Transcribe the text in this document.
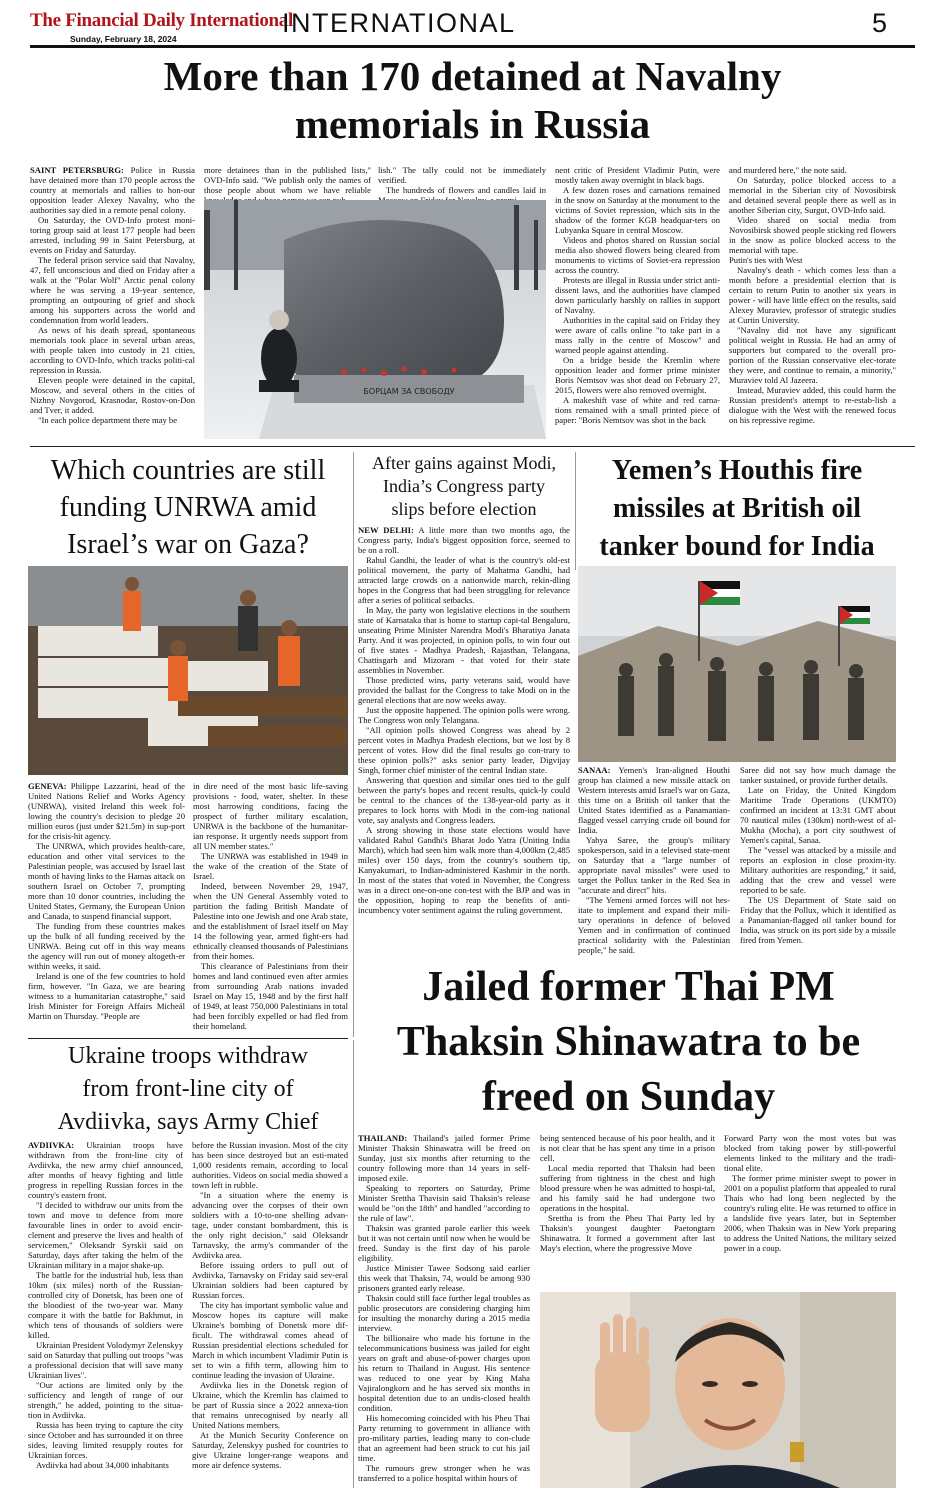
The Financial Daily International
Sunday, February 18, 2024
INTERNATIONAL	5
More than 170 detained at Navalny
memorials in Russia

SAINT PETERSBURG: Police in Russia have detained more than 170 people across the country at memorials and rallies to hon-our opposition leader Alexey Navalny, who the authorities say died in a remote penal colony.

On Saturday, the OVD-Info protest moni-toring group said at least 177 people had been arrested, including 99 in Saint Petersburg, at events on Friday and Saturday.

The federal prison service said that Navalny, 47, fell unconscious and died on Friday after a walk at the "Polar Wolf" Arctic penal colony where he was serving a 19-year sentence, prompting an outpouring of grief and shock among his supporters across the world and condemnation from world leaders.

As news of his death spread, spontaneous memorials took place in several urban areas, with people taken into custody in 21 cities, according to OVD-Info, which tracks politi-cal repression in Russia.

Eleven people were detained in the capital, Moscow, and several others in the cities of Nizhny Novgorod, Krasnodar, Rostov-on-Don and Tver, it added.

"In each police department there may be

more detainees than in the published lists," OVD-Info said. "We publish only the names of those people about whom we have reliable

lish." The tally could not be immediately verified.

The hundreds of flowers and candles laid in

БОРЦАМ ЗА СВОБОДУ

nent critic of President Vladimir Putin, were mostly taken away overnight in black bags.

A few dozen roses and carnations remained in the snow on Saturday at the monument to the victims of Soviet repression, which sits in the shadow of the former KGB headquar-ters on Lubyanka Square in central Moscow.

Videos and photos shared on Russian social media also showed flowers being cleared from monuments to victims of Soviet-era repression across the country.

Protests are illegal in Russia under strict anti-dissent laws, and the authorities have clamped down particularly harshly on rallies in support of Navalny.

Authorities in the capital said on Friday they were aware of calls online "to take part in a mass rally in the centre of Moscow" and warned people against attending.

On a bridge beside the Kremlin where opposition leader and former prime minister Boris Nemtsov was shot dead on February 27, 2015, flowers were also removed overnight.

A makeshift vase of white and red carna-tions remained with a small printed piece of paper: "Boris Nemtsov was shot in the back

and murdered here," the note said.

On Saturday, police blocked access to a memorial in the Siberian city of Novosibirsk and detained several people there as well as in another Siberian city, Surgut, OVD-Info said.

Video shared on social media from Novosibirsk showed people sticking red flowers in the snow as police blocked access to the memorial with tape.

Putin's ties with West

Navalny's death - which comes less than a month before a presidential election that is certain to return Putin to another six years in power - will have little effect on the results, said Alexey Muraviev, professor of strategic studies at Curtin University.

"Navalny did not have any significant political weight in Russia. He had an army of supporters but compared to the overall pro-portion of the Russian conservative elec-torate they were, and continue to remain, a minority," Muraviev told Al Jazeera.

Instead, Muraviev added, this could harm the Russian president's attempt to re-estab-lish a dialogue with the West with the renewed focus on his repressive regime.

Which countries are still
funding UNRWA amid
Israel’s war on Gaza?

GENEVA: Philippe Lazzarini, head of the United Nations Relief and Works Agency (UNRWA), visited Ireland this week fol-lowing the country's decision to pledge 20 million euros (just under $21.5m) in sup-port for the crisis-hit agency.

The UNRWA, which provides health-care, education and other vital services to the Palestinian people, was accused by Israel last month of having links to the Hamas attack on southern Israel on October 7, prompting more than 10 donor countries, including the United States, Germany, the European Union and Canada, to suspend financial support.

The funding from these countries makes up the bulk of all funding received by the UNRWA. Being cut off in this way means the agency will run out of money altogeth-er within weeks, it said.

Ireland is one of the few countries to hold firm, however. "In Gaza, we are bearing witness to a humanitarian catastrophe," said Irish Minister for Foreign Affairs Micheál Martin on Thursday. "People are

in dire need of the most basic life-saving provisions - food, water, shelter. In these most harrowing conditions, facing the prospect of further military escalation, UNRWA is the backbone of the humanitar-ian response. It urgently needs support from all UN member states."

The UNRWA was established in 1949 in the wake of the creation of the State of Israel.

Indeed, between November 29, 1947, when the UN General Assembly voted to partition the fading British Mandate of Palestine into one Jewish and one Arab state, and the establishment of Israel itself on May 14 the following year, armed fight-ers had ethnically cleansed thousands of Palestinians from their homes.

This clearance of Palestinians from their homes and land continued even after armies from surrounding Arab nations invaded Israel on May 15, 1948 and by the first half of 1949, at least 750,000 Palestinians in total had been forcibly expelled or had fled from their homeland.

After gains against Modi,
India’s Congress party
slips before election

NEW DELHI: A little more than two months ago, the Congress party, India's biggest opposition force, seemed to be on a roll.

Rahul Gandhi, the leader of what is the country's old-est political movement, the party of Mahatma Gandhi, had attracted large crowds on a nationwide march, rekin-dling hopes in the Congress that had been struggling for relevance after a series of political setbacks.

In May, the party won legislative elections in the southern state of Karnataka that is home to startup capi-tal Bengaluru, unseating Prime Minister Narendra Modi's Bharatiya Janata Party. And it was projected, in opinion polls, to win four out of five states - Madhya Pradesh, Rajasthan, Telangana, Chattisgarh and Mizoram - that voted for their state assemblies in November.

Those predicted wins, party veterans said, would have provided the ballast for the Congress to take Modi on in the general elections that are now weeks away.

Just the opposite happened. The opinion polls were wrong. The Congress won only Telangana.

"All opinion polls showed Congress was ahead by 2 percent votes in Madhya Pradesh elections, but we lost by 8 percent of votes. How did the final results go con-trary to these opinion polls?" asks senior party leader, Digvijay Singh, former chief minister of the central Indian state.

Answering that question and similar ones tied to the gulf between the party's hopes and recent results, quick-ly could be central to the chances of the 138-year-old party as it prepares to lock horns with Modi in the com-ing national vote, say analysts and Congress leaders.

A strong showing in those state elections would have validated Rahul Gandhi's Bharat Jodo Yatra (Uniting India March), which had seen him walk more than 4,000km (2,485 miles) over 150 days, from the country's southern tip, Kanyakumari, to Indian-administered Kashmir in the north. In most of the states that voted in November, the Congress was in a direct one-on-one con-test with the BJP and was in the opposition, hoping to reap the benefits of anti-incumbency voter sentiment against the ruling government.

Yemen’s Houthis fire
missiles at British oil
tanker bound for India

SANAA: Yemen's Iran-aligned Houthi group has claimed a new missile attack on Western interests amid Israel's war on Gaza, this time on a British oil tanker that the United States identified as a Panamanian-flagged vessel carrying crude oil bound for India.

Yahya Saree, the group's military spokesperson, said in a televised state-ment on Saturday that a "large number of appropriate naval missiles" were used to target the Pollux tanker in the Red Sea in "accurate and direct" hits.

"The Yemeni armed forces will not hes-itate to implement and expand their mili-tary operations in defence of beloved Yemen and in confirmation of continued practical solidarity with the Palestinian people," he said.

Saree did not say how much damage the tanker sustained, or provide further details.

Late on Friday, the United Kingdom Maritime Trade Operations (UKMTO) confirmed an incident at 13:31 GMT about 70 nautical miles (130km) north-west of al-Mukha (Mocha), a port city southwest of Yemen's capital, Sanaa.

The "vessel was attacked by a missile and reports an explosion in close proxim-ity. Military authorities are responding," it said, adding that the crew and vessel were reported to be safe.

The US Department of State said on Friday that the Pollux, which it identified as a Panamanian-flagged oil tanker bound for India, was struck on its port side by a missile fired from Yemen.

Jailed former Thai PM
Thaksin Shinawatra to be
freed on Sunday

THAILAND: Thailand's jailed former Prime Minister Thaksin Shinawatra will be freed on Sunday, just six months after returning to the country following more than 14 years in self-imposed exile.

Speaking to reporters on Saturday, Prime Minister Srettha Thavisin said Thaksin's release would be "on the 18th" and handled "according to the rule of law".

Thaksin was granted parole earlier this week but it was not certain until now when he would be freed. Sunday is the first day of his parole eligibility.

Justice Minister Tawee Sodsong said earlier this week that Thaksin, 74, would be among 930 prisoners granted early release.

Thaksin could still face further legal troubles as public prosecutors are considering charging him for insulting the monarchy during a 2015 media interview.

The billionaire who made his fortune in the telecommunications business was jailed for eight years on graft and abuse-of-power charges upon his return to Thailand in August. His sentence was reduced to one year by King Maha Vajiralongkorn and he has served six months in hospital detention due to an undis-closed health condition.

His homecoming coincided with his Pheu Thai Party returning to government in alliance with pro-military parties, leading many to con-clude that an agreement had been struck to cut his jail time.

The rumours grew stronger when he was transferred to a police hospital within hours of

being sentenced because of his poor health, and it is not clear that he has spent any time in a prison cell.

Local media reported that Thaksin had been suffering from tightness in the chest and high blood pressure when he was admitted to hospi-tal, and his family said he had undergone two operations in the hospital.

Srettha is from the Pheu Thai Party led by Thaksin's youngest daughter Paetongtarn Shinawatra. It formed a government after last May's election, where the progressive Move

Forward Party won the most votes but was blocked from taking power by still-powerful elements linked to the military and the tradi-tional elite.

The former prime minister swept to power in 2001 on a populist platform that appealed to rural Thais who had long been neglected by the country's ruling elite. He was returned to office in a landslide five years later, but in September 2006, when Thaksin was in New York preparing to address the United Nations, the military seized power in a coup.

Ukraine troops withdraw
from front-line city of
Avdiivka, says Army Chief

AVDIIVKA: Ukrainian troops have withdrawn from the front-line city of Avdiivka, the new army chief announced, after months of heavy fighting and little progress in repelling Russian forces in the country's eastern front.

"I decided to withdraw our units from the town and move to defence from more favourable lines in order to avoid encir-clement and preserve the lives and health of servicemen," Oleksandr Syrskii said on Saturday, days after taking the helm of the Ukrainian military in a major shake-up.

The battle for the industrial hub, less than 10km (six miles) north of the Russian-controlled city of Donetsk, has been one of the bloodiest of the two-year war. Many compare it with the battle for Bakhmut, in which tens of thousands of soldiers were killed.

Ukrainian President Volodymyr Zelenskyy said on Saturday that pulling out troops "was a professional decision that will save many Ukrainian lives".

"Our actions are limited only by the sufficiency and length of range of our strength," he added, pointing to the situa-tion in Avdiivka.

Russia has been trying to capture the city since October and has surrounded it on three sides, leaving limited resupply routes for Ukrainian forces.

Avdiivka had about 34,000 inhabitants

before the Russian invasion. Most of the city has been since destroyed but an esti-mated 1,000 residents remain, according to local authorities. Videos on social media showed a town left in rubble.

"In a situation where the enemy is advancing over the corpses of their own soldiers with a 10-to-one shelling advan-tage, under constant bombardment, this is the only right decision," said Oleksandr Tarnavsky, the army's commander of the Avdiivka area.

Before issuing orders to pull out of Avdiivka, Tarnavsky on Friday said sev-eral Ukrainian soldiers had been captured by Russian forces.

The city has important symbolic value and Moscow hopes its capture will make Ukraine's bombing of Donetsk more dif-ficult. The withdrawal comes ahead of Russian presidential elections scheduled for March in which incumbent Vladimir Putin is set to win a fifth term, allowing him to continue leading the invasion of Ukraine.

Avdiivka lies in the Donetsk region of Ukraine, which the Kremlin has claimed to be part of Russia since a 2022 annexa-tion that remains unrecognised by nearly all United Nations members.

At the Munich Security Conference on Saturday, Zelenskyy pushed for countries to give Ukraine longer-range weapons and more air defence systems.
